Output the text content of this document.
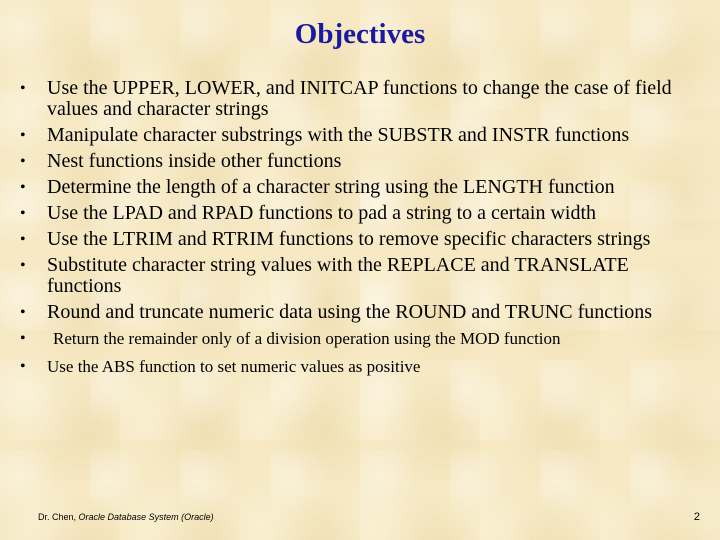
Objectives
• Use the UPPER, LOWER, and INITCAP functions to change the case of field values and character strings
• Manipulate character substrings with the SUBSTR and INSTR functions
• Nest functions inside other functions
• Determine the length of a character string using the LENGTH function
• Use the LPAD and RPAD functions to pad a string to a certain width
• Use the LTRIM and RTRIM functions to remove specific characters strings
• Substitute character string values with the REPLACE and TRANSLATE functions
• Round and truncate numeric data using the ROUND and TRUNC functions
• Return the remainder only of a division operation using the MOD function
• Use the ABS function to set numeric values as positive
Dr. Chen, Oracle Database System (Oracle)	2
